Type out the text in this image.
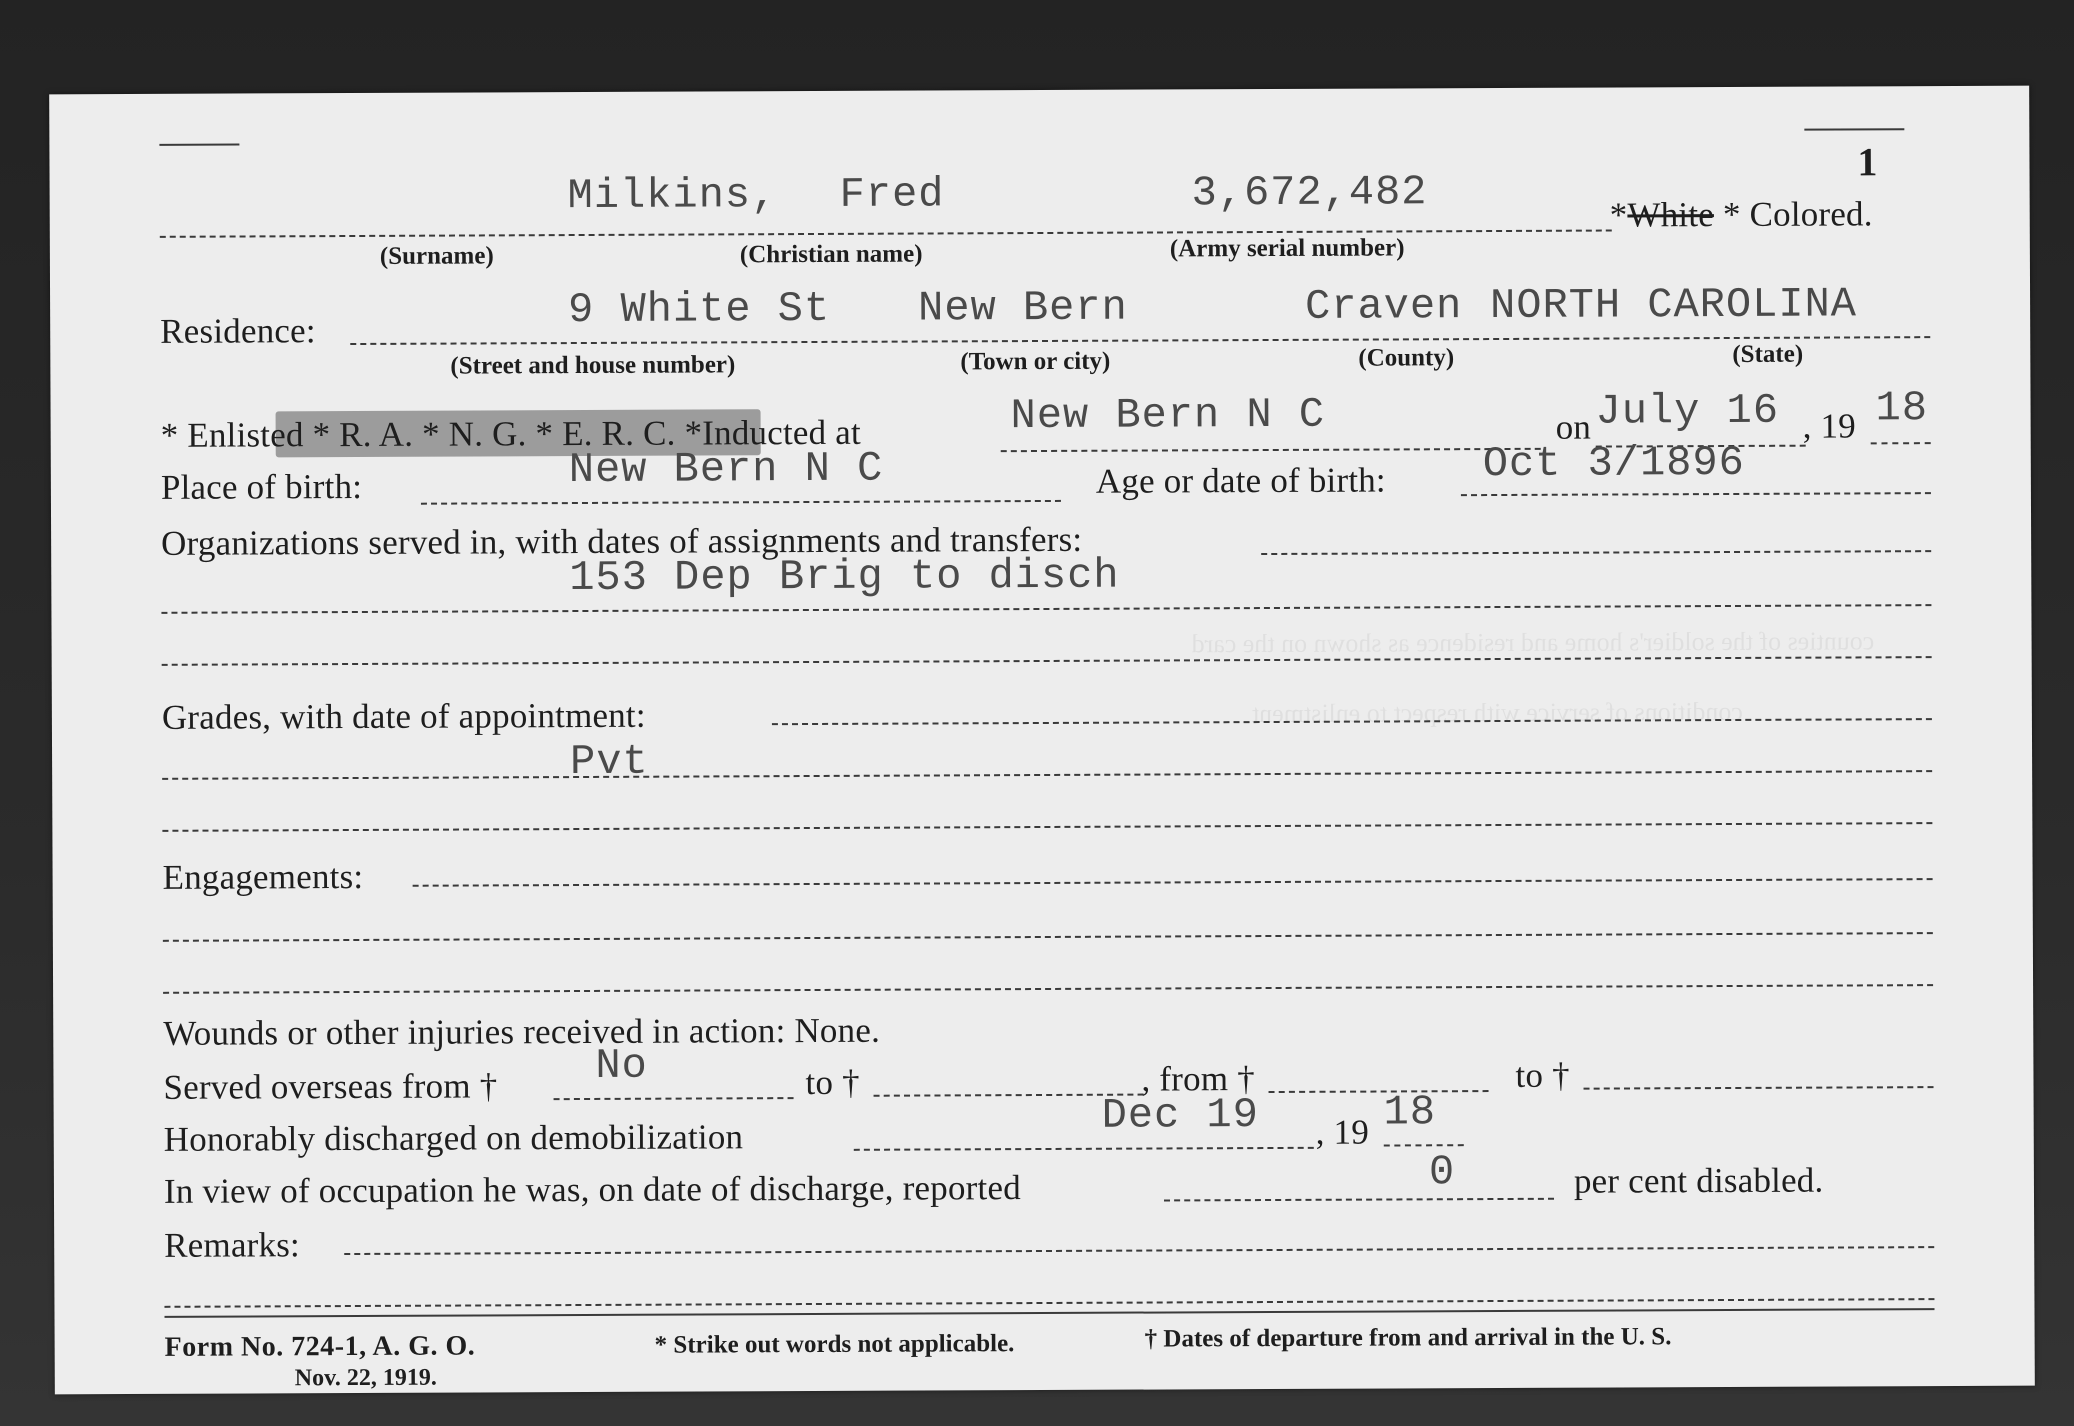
counties of the soldier's home and residence as shown on the card
conditions of service with respect to enlistment
1
Milkins, Fred	3,672,482	*White * Colored.
(Surname)	(Christian name)	(Army serial number)
Residence:	9 White St New Bern	Craven NORTH CAROLINA
(Street and house number)	(Town or city)	(County)	(State)
* Enlisted * R. A. * N. G. * E. R. C. *Inducted at	New Bern N C	on July 16 , 19 18
Place of birth:	New Bern N C	Age or date of birth: Oct 3/1896
Organizations served in, with dates of assignments and transfers:
153 Dep Brig to disch
Grades, with date of appointment:
Pvt
Engagements:
Wounds or other injuries received in action: None.
Served overseas from † No	to †	, from †	to †
Honorably discharged on demobilization	Dec 19 , 19 18
In view of occupation he was, on date of discharge, reported	0	per cent disabled.
Remarks:
Form No. 724-1, A. G. O.
Nov. 22, 1919.
* Strike out words not applicable.	† Dates of departure from and arrival in the U. S.
